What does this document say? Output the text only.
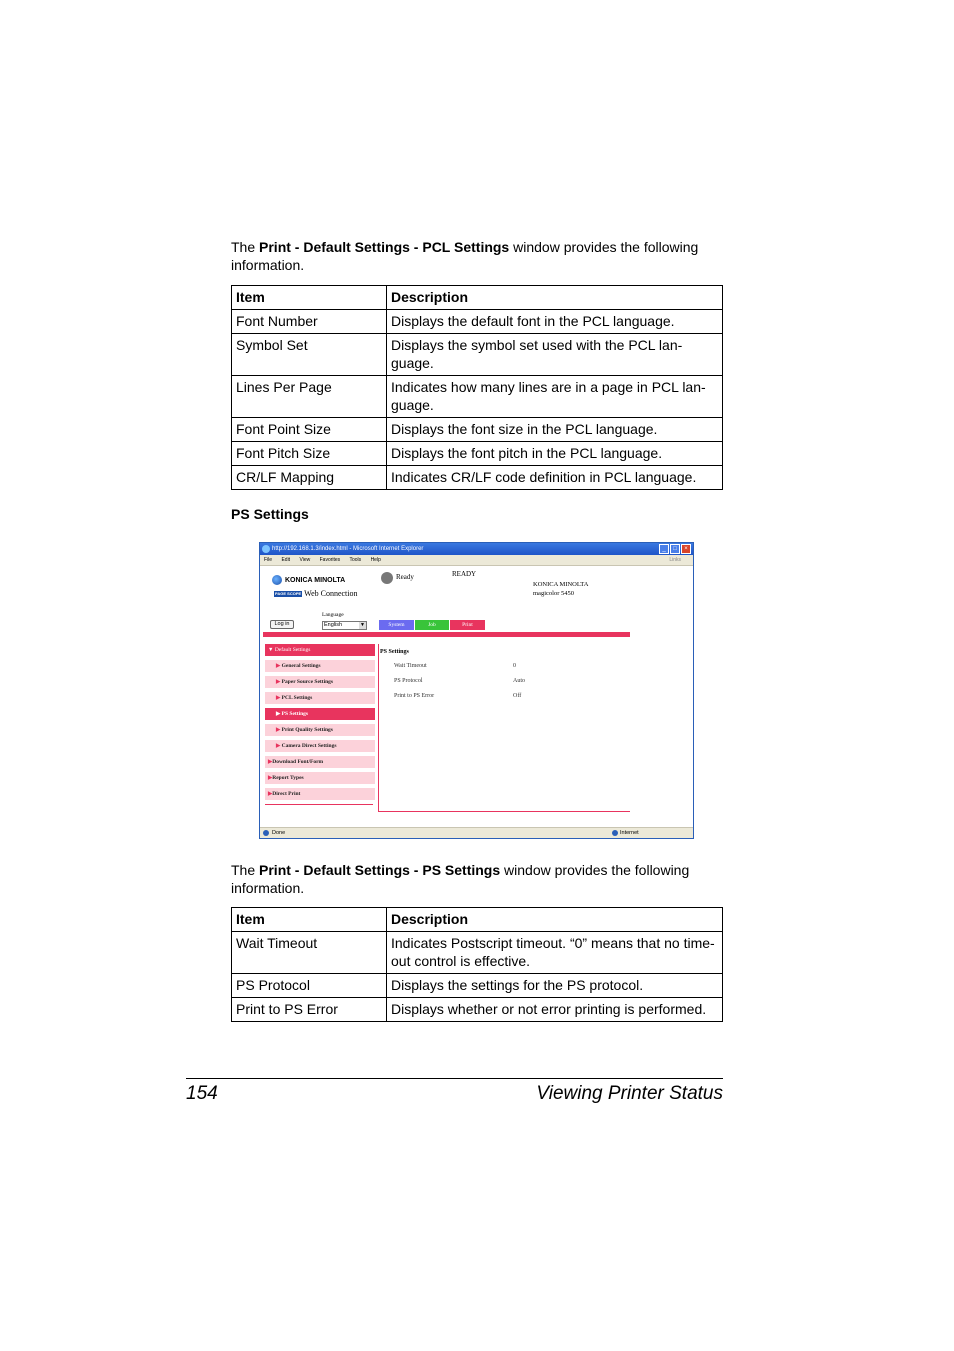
The Print - Default Settings - PCL Settings window provides the following information.
Item	Description
Font Number	Displays the default font in the PCL language.
Symbol Set	Displays the symbol set used with the PCL lan-guage.
Lines Per Page	Indicates how many lines are in a page in PCL lan-guage.
Font Point Size	Displays the font size in the PCL language.
Font Pitch Size	Displays the font pitch in the PCL language.
CR/LF Mapping	Indicates CR/LF code definition in PCL language.
PS Settings
http://192.168.1.3/index.html - Microsoft Internet Explorer	_	□	×
File Edit View Favorites Tools Help	Links
KONICA MINOLTA
PAGE SCOPE Web Connection
Ready	READY
KONICA MINOLTA
magicolor 5450
Log in
Language
English	▼	System	Job	Print
▼ Default Settings
▶ General Settings
▶ Paper Source Settings
▶ PCL Settings
▶ PS Settings
▶ Print Quality Settings
▶ Camera Direct Settings
▶Download Font/Form
▶Report Types
▶Direct Print
PS Settings
Wait Timeout	0
PS Protocol	Auto
Print to PS Error	Off
Done	Internet
The Print - Default Settings - PS Settings window provides the following information.
Item	Description
Wait Timeout	Indicates Postscript timeout. “0” means that no time-out control is effective.
PS Protocol	Displays the settings for the PS protocol.
Print to PS Error	Displays whether or not error printing is performed.
154	Viewing Printer Status
